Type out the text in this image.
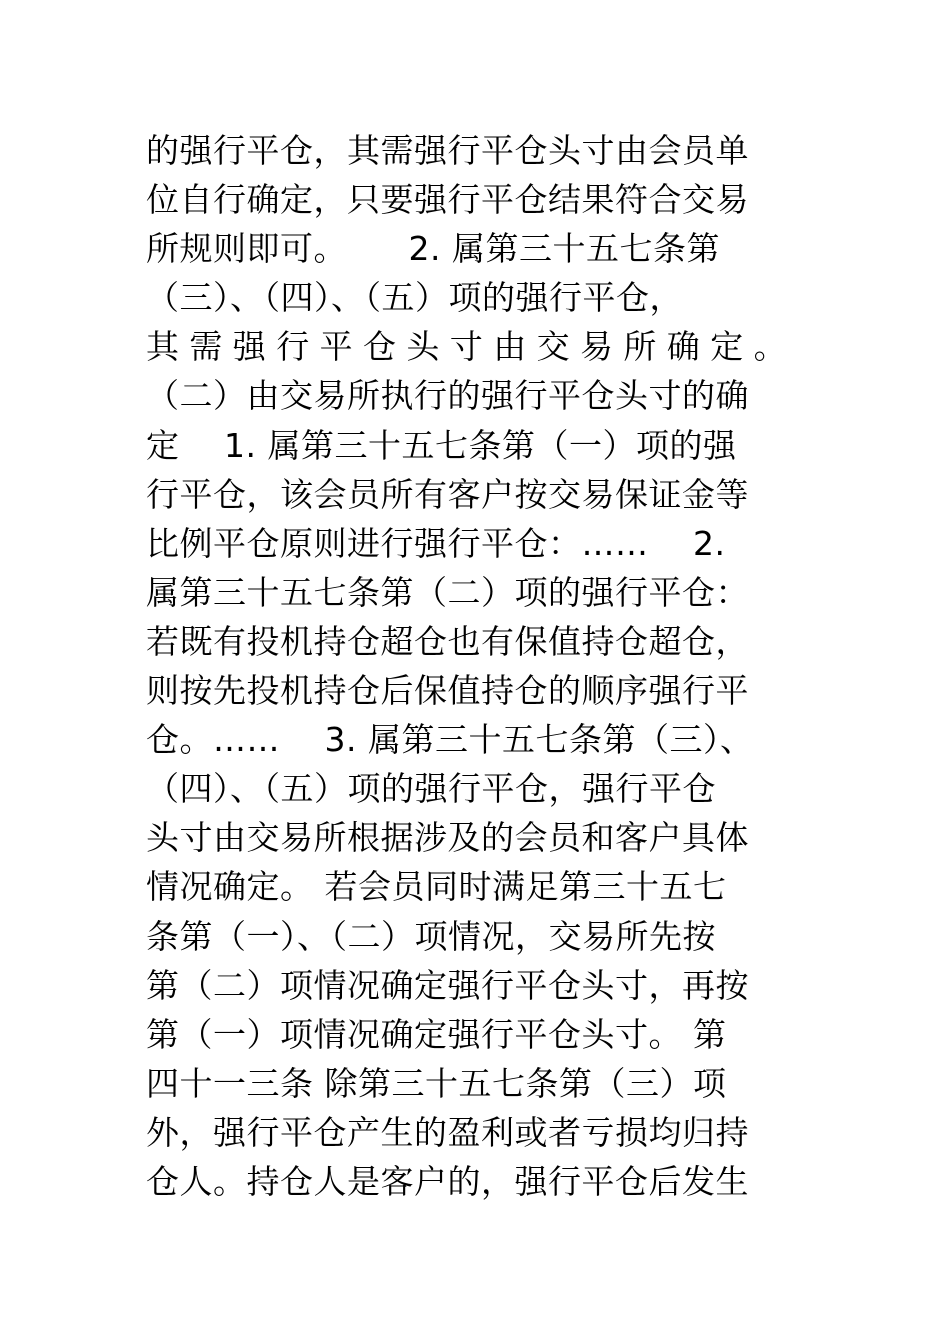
的强行平仓，其需强行平仓头寸由会员单
位自行确定，只要强行平仓结果符合交易
所规则即可。　　 2. 属第三十五七条第
（三）、（四）、（五）项的强行平仓，
其需强行平仓头寸由交易所确定。
（二）由交易所执行的强行平仓头寸的确
定　 1. 属第三十五七条第（一）项的强
行平仓，该会员所有客户按交易保证金等
比例平仓原则进行强行平仓：……　 2.
属第三十五七条第（二）项的强行平仓：
若既有投机持仓超仓也有保值持仓超仓，
则按先投机持仓后保值持仓的顺序强行平
仓。……　 3. 属第三十五七条第（三）、
（四）、（五）项的强行平仓，强行平仓
头寸由交易所根据涉及的会员和客户具体
情况确定。 若会员同时满足第三十五七
条第（一）、（二）项情况，交易所先按
第（二）项情况确定强行平仓头寸，再按
第（一）项情况确定强行平仓头寸。 第
四十一三条 除第三十五七条第（三）项
外，强行平仓产生的盈利或者亏损均归持
仓人。持仓人是客户的，强行平仓后发生
